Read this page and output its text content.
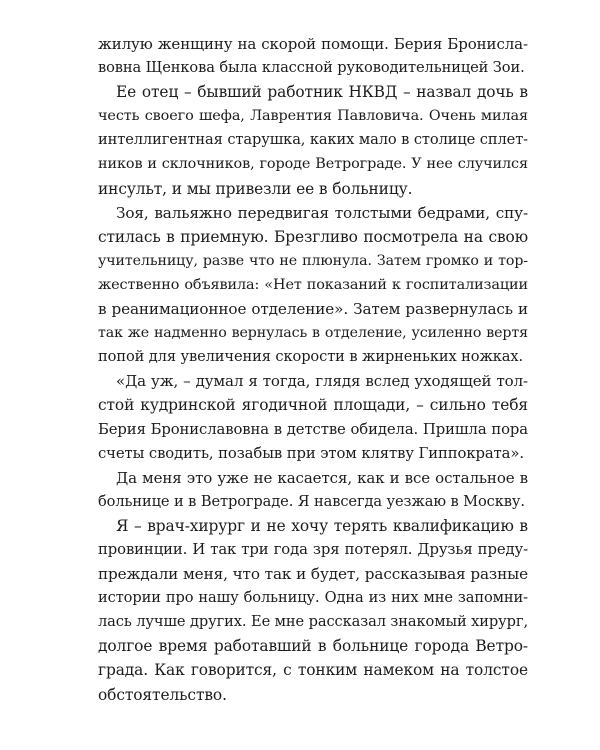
жилую женщину на скорой помощи. Берия Бронисла-
вовна Щенкова была классной руководительницей Зои.
Ее отец – бывший работник НКВД – назвал дочь в
честь своего шефа, Лаврентия Павловича. Очень милая
интеллигентная старушка, каких мало в столице сплет-
ников и склочников, городе Ветрограде. У нее случился
инсульт, и мы привезли ее в больницу.
Зоя, вальяжно передвигая толстыми бедрами, спу-
стилась в приемную. Брезгливо посмотрела на свою
учительницу, разве что не плюнула. Затем громко и тор-
жественно объявила: «Нет показаний к госпитализации
в реанимационное отделение». Затем развернулась и
так же надменно вернулась в отделение, усиленно вертя
попой для увеличения скорости в жирненьких ножках.
«Да уж, – думал я тогда, глядя вслед уходящей тол-
стой кудринской ягодичной площади, – сильно тебя
Берия Брониславовна в детстве обидела. Пришла пора
счеты сводить, позабыв при этом клятву Гиппократа».
Да меня это уже не касается, как и все остальное в
больнице и в Ветрограде. Я навсегда уезжаю в Москву.
Я – врач-хирург и не хочу терять квалификацию в
провинции. И так три года зря потерял. Друзья преду-
преждали меня, что так и будет, рассказывая разные
истории про нашу больницу. Одна из них мне запомни-
лась лучше других. Ее мне рассказал знакомый хирург,
долгое время работавший в больнице города Ветро-
града. Как говорится, с тонким намеком на толстое
обстоятельство.
